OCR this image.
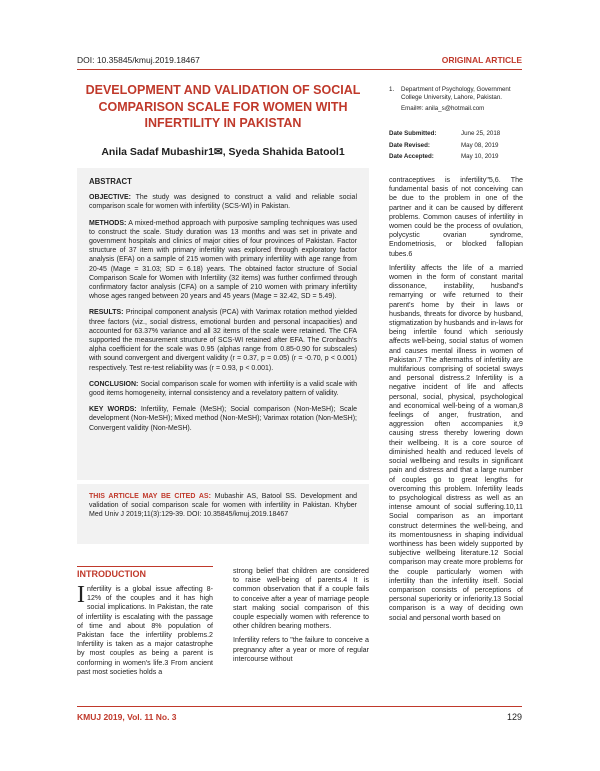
DOI: 10.35845/kmuj.2019.18467	ORIGINAL ARTICLE
DEVELOPMENT AND VALIDATION OF SOCIAL COMPARISON SCALE FOR WOMEN WITH INFERTILITY IN PAKISTAN
Anila Sadaf Mubashir1✉, Syeda Shahida Batool1
1.	Department of Psychology, Government College University, Lahore, Pakistan.
Email✉: anila_s@hotmail.com
Date Submitted:	June 25, 2018
Date Revised:	May 08, 2019
Date Accepted:	May 10, 2019
ABSTRACT

OBJECTIVE: The study was designed to construct a valid and reliable social comparison scale for women with infertility (SCS-WI) in Pakistan.

METHODS: A mixed-method approach with purposive sampling techniques was used to construct the scale. Study duration was 13 months and was set in private and government hospitals and clinics of major cities of four provinces of Pakistan. Factor structure of 37 item with primary infertility was explored through exploratory factor analysis (EFA) on a sample of 215 women with primary infertility with age range from 20-45 (Mage = 31.03; SD = 6.18) years. The obtained factor structure of Social Comparison Scale for Women with Infertility (32 items) was further confirmed through confirmatory factor analysis (CFA) on a sample of 210 women with primary infertility whose ages ranged between 20 years and 45 years (Mage = 32.42, SD = 5.49).

RESULTS: Principal component analysis (PCA) with Varimax rotation method yielded three factors (viz., social distress, emotional burden and personal incapacities) and accounted for 63.37% variance and all 32 items of the scale were retained. The CFA supported the measurement structure of SCS-WI retained after EFA. The Cronbach's alpha coefficient for the scale was 0.95 (alphas range from 0.85-0.90 for subscales) with sound convergent and divergent validity (r = 0.37, p = 0.05) (r = -0.70, p < 0.001) respectively. Test re-test reliability was (r = 0.93, p < 0.001).

CONCLUSION: Social comparison scale for women with infertility is a valid scale with good items homogeneity, internal consistency and a revelatory pattern of validity.

KEY WORDS: Infertility, Female (MeSH); Social comparison (Non-MeSH); Scale development (Non-MeSH); Mixed method (Non-MeSH); Varimax rotation (Non-MeSH); Convergent validity (Non-MeSH).

THIS ARTICLE MAY BE CITED AS: Mubashir AS, Batool SS. Development and validation of social comparison scale for women with infertility in Pakistan. Khyber Med Univ J 2019;11(3):129-39. DOI: 10.35845/kmuj.2019.18467
INTRODUCTION
Infertility is a global issue affecting 8-12% of the couples and it has high social implications. In Pakistan, the rate of infertility is escalating with the passage of time and about 8% population of Pakistan face the infertility problems.2 Infertility is taken as a major catastrophe by most couples as being a parent is conforming in women's life.3 From ancient past most societies holds a

strong belief that children are considered to raise well-being of parents.4 It is common observation that if a couple fails to conceive after a year of marriage people start making social comparison of this couple especially women with reference to other children bearing mothers.

Infertility refers to "the failure to conceive a pregnancy after a year or more of regular intercourse without

contraceptives is infertility"5,6. The fundamental basis of not conceiving can be due to the problem in one of the partner and it can be caused by different problems. Common causes of infertility in women could be the process of ovulation, polycystic ovarian syndrome, Endometriosis, or blocked fallopian tubes.6

Infertility affects the life of a married women in the form of constant marital dissonance, instability, husband's remarrying or wife returned to their parent's home by their in laws or husbands, threats for divorce by husband, stigmatization by husbands and in-laws for being infertile found which seriously affects well-being, social status of women and causes mental illness in women of Pakistan.7 The aftermaths of infertility are multifarious comprising of societal sways and personal distress.2 Infertility is a negative incident of life and affects personal, social, physical, psychological and economical well-being of a woman,8 feelings of anger, frustration, and aggression often accompanies it,9 causing stress thereby lowering down their wellbeing. It is a core source of diminished health and reduced levels of social wellbeing and results in significant pain and distress and that a large number of couples go to great lengths for overcoming this problem. Infertility leads to psychological distress as well as an intense amount of social suffering.10,11 Social comparison as an important construct determines the well-being, and its momentousness in shaping individual worthiness has been widely supported by subjective wellbeing literature.12 Social comparison may create more problems for the couple particularly women with infertility than the infertility itself. Social comparison consists of perceptions of personal superiority or inferiority.13 Social comparison is a way of deciding own social and personal worth based on

KMUJ 2019, Vol. 11 No. 3	129
